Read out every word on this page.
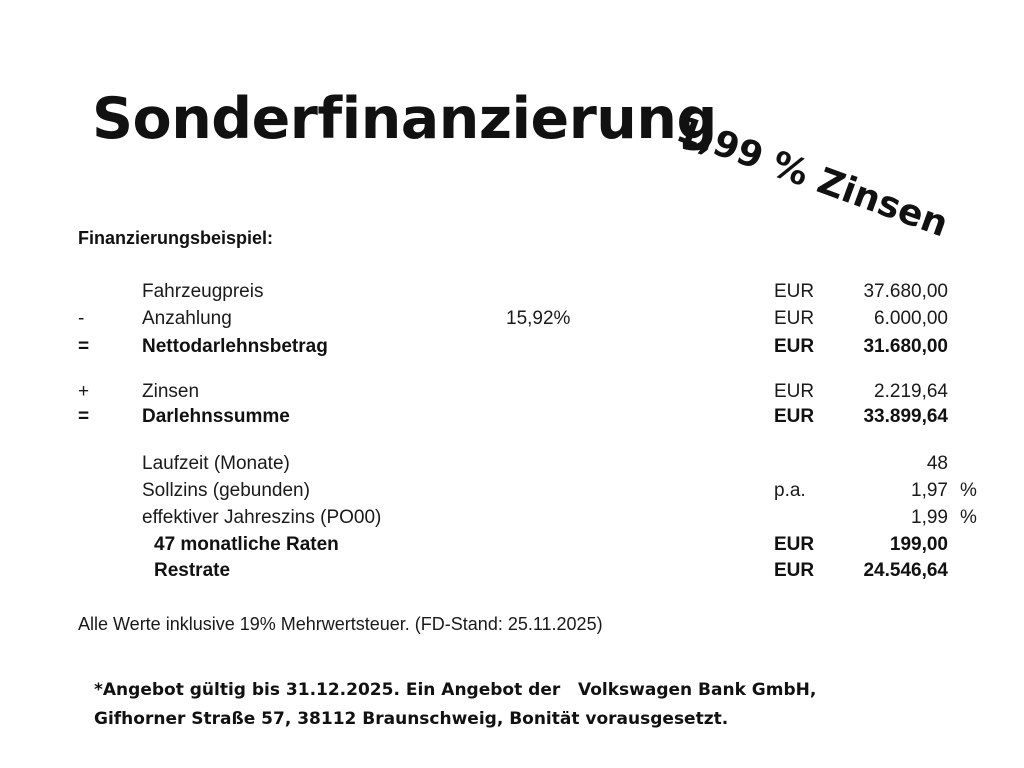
Sonderfinanzierung
1,99 % Zinsen
Finanzierungsbeispiel:
Fahrzeugpreis	EUR	37.680,00
-	Anzahlung	15,92%	EUR	6.000,00
=	Nettodarlehnsbetrag	EUR	31.680,00
+	Zinsen	EUR	2.219,64
=	Darlehnssumme	EUR	33.899,64
Laufzeit (Monate)	48
Sollzins (gebunden)	p.a.	1,97 %
effektiver Jahreszins (PO00)	1,99 %
47 monatliche Raten	EUR	199,00
Restrate	EUR	24.546,64

Alle Werte inklusive 19% Mehrwertsteuer. (FD-Stand: 25.11.2025)

*Angebot gültig bis 31.12.2025. Ein Angebot der   Volkswagen Bank GmbH,
Gifhorner Straße 57, 38112 Braunschweig, Bonität vorausgesetzt.
